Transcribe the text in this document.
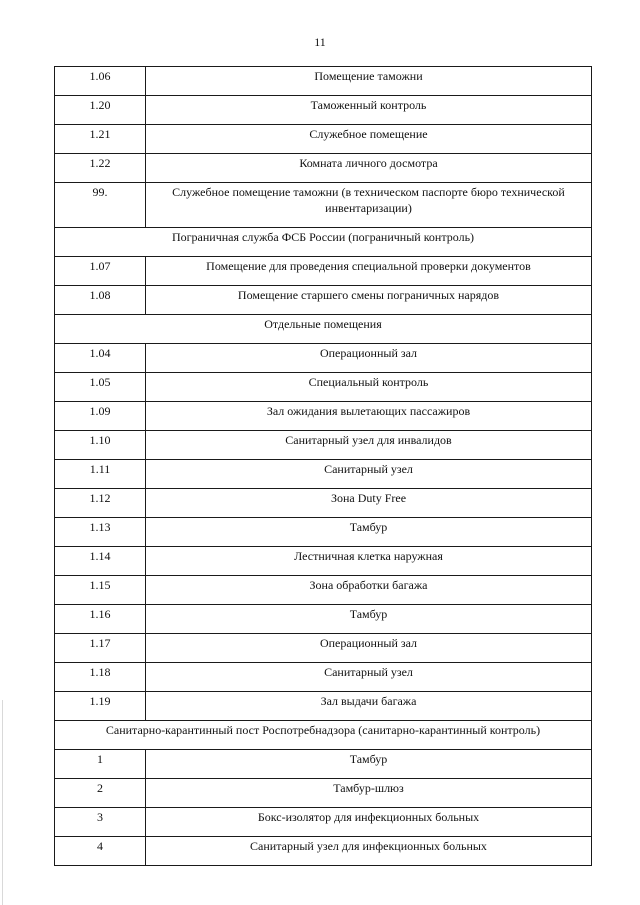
11
1.06	Помещение таможни
1.20	Таможенный контроль
1.21	Служебное помещение
1.22	Комната личного досмотра
99.	Служебное помещение таможни (в техническом паспорте бюро технической инвентаризации)
Пограничная служба ФСБ России (пограничный контроль)	
1.07	Помещение для проведения специальной проверки документов
1.08	Помещение старшего смены пограничных нарядов
Отдельные помещения	
1.04	Операционный зал
1.05	Специальный контроль
1.09	Зал ожидания вылетающих пассажиров
1.10	Санитарный узел для инвалидов
1.11	Санитарный узел
1.12	Зона Duty Free
1.13	Тамбур
1.14	Лестничная клетка наружная
1.15	Зона обработки багажа
1.16	Тамбур
1.17	Операционный зал
1.18	Санитарный узел
1.19	Зал выдачи багажа
Санитарно-карантинный пост Роспотребнадзора (санитарно-карантинный контроль)	
1	Тамбур
2	Тамбур-шлюз
3	Бокс-изолятор для инфекционных больных
4	Санитарный узел для инфекционных больных
